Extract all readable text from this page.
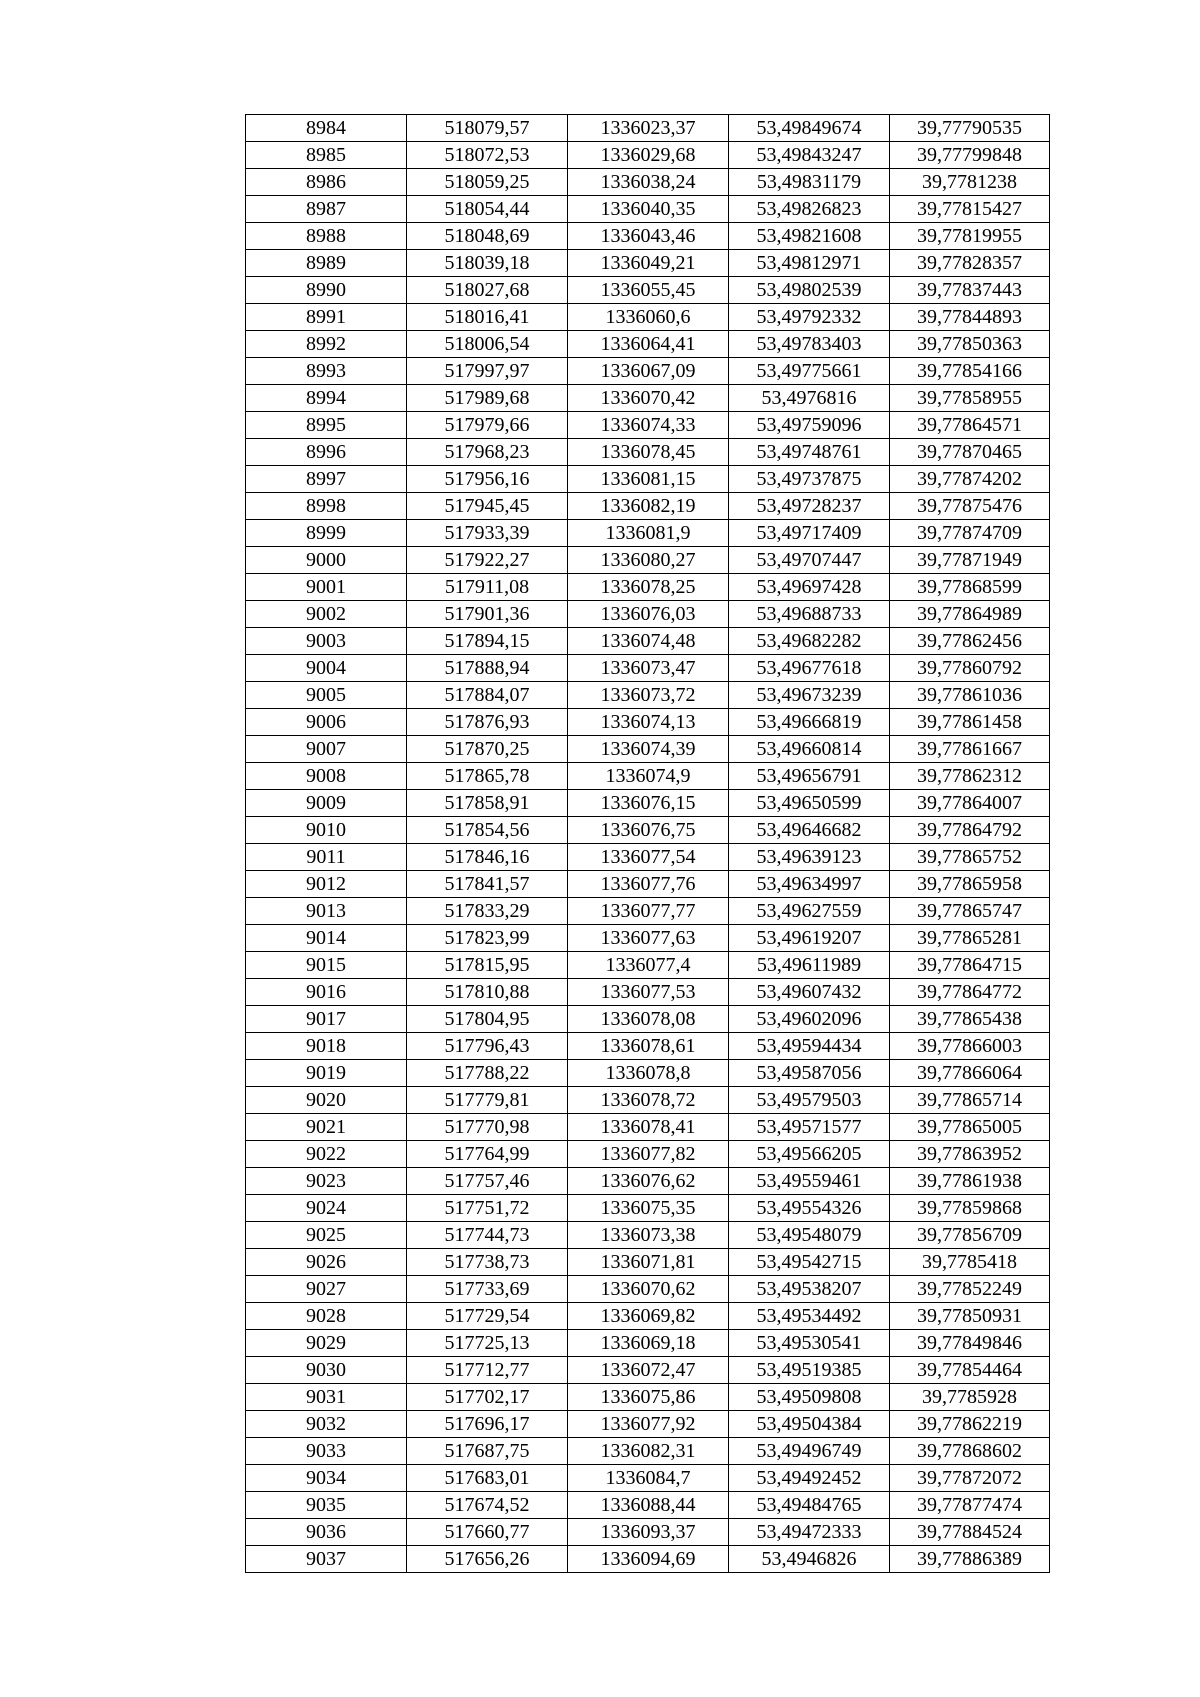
8984	518079,57	1336023,37	53,49849674	39,77790535
8985	518072,53	1336029,68	53,49843247	39,77799848
8986	518059,25	1336038,24	53,49831179	39,7781238
8987	518054,44	1336040,35	53,49826823	39,77815427
8988	518048,69	1336043,46	53,49821608	39,77819955
8989	518039,18	1336049,21	53,49812971	39,77828357
8990	518027,68	1336055,45	53,49802539	39,77837443
8991	518016,41	1336060,6	53,49792332	39,77844893
8992	518006,54	1336064,41	53,49783403	39,77850363
8993	517997,97	1336067,09	53,49775661	39,77854166
8994	517989,68	1336070,42	53,4976816	39,77858955
8995	517979,66	1336074,33	53,49759096	39,77864571
8996	517968,23	1336078,45	53,49748761	39,77870465
8997	517956,16	1336081,15	53,49737875	39,77874202
8998	517945,45	1336082,19	53,49728237	39,77875476
8999	517933,39	1336081,9	53,49717409	39,77874709
9000	517922,27	1336080,27	53,49707447	39,77871949
9001	517911,08	1336078,25	53,49697428	39,77868599
9002	517901,36	1336076,03	53,49688733	39,77864989
9003	517894,15	1336074,48	53,49682282	39,77862456
9004	517888,94	1336073,47	53,49677618	39,77860792
9005	517884,07	1336073,72	53,49673239	39,77861036
9006	517876,93	1336074,13	53,49666819	39,77861458
9007	517870,25	1336074,39	53,49660814	39,77861667
9008	517865,78	1336074,9	53,49656791	39,77862312
9009	517858,91	1336076,15	53,49650599	39,77864007
9010	517854,56	1336076,75	53,49646682	39,77864792
9011	517846,16	1336077,54	53,49639123	39,77865752
9012	517841,57	1336077,76	53,49634997	39,77865958
9013	517833,29	1336077,77	53,49627559	39,77865747
9014	517823,99	1336077,63	53,49619207	39,77865281
9015	517815,95	1336077,4	53,49611989	39,77864715
9016	517810,88	1336077,53	53,49607432	39,77864772
9017	517804,95	1336078,08	53,49602096	39,77865438
9018	517796,43	1336078,61	53,49594434	39,77866003
9019	517788,22	1336078,8	53,49587056	39,77866064
9020	517779,81	1336078,72	53,49579503	39,77865714
9021	517770,98	1336078,41	53,49571577	39,77865005
9022	517764,99	1336077,82	53,49566205	39,77863952
9023	517757,46	1336076,62	53,49559461	39,77861938
9024	517751,72	1336075,35	53,49554326	39,77859868
9025	517744,73	1336073,38	53,49548079	39,77856709
9026	517738,73	1336071,81	53,49542715	39,7785418
9027	517733,69	1336070,62	53,49538207	39,77852249
9028	517729,54	1336069,82	53,49534492	39,77850931
9029	517725,13	1336069,18	53,49530541	39,77849846
9030	517712,77	1336072,47	53,49519385	39,77854464
9031	517702,17	1336075,86	53,49509808	39,7785928
9032	517696,17	1336077,92	53,49504384	39,77862219
9033	517687,75	1336082,31	53,49496749	39,77868602
9034	517683,01	1336084,7	53,49492452	39,77872072
9035	517674,52	1336088,44	53,49484765	39,77877474
9036	517660,77	1336093,37	53,49472333	39,77884524
9037	517656,26	1336094,69	53,4946826	39,77886389
